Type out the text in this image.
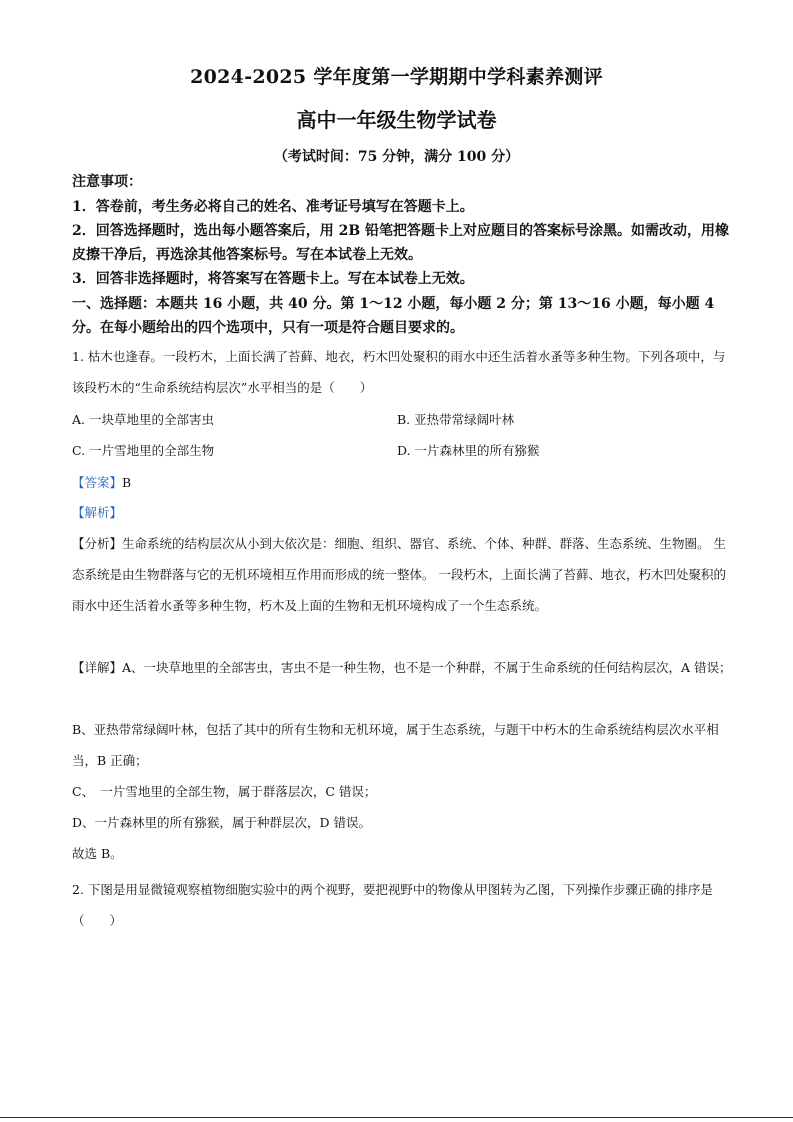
2024-2025 学年度第一学期期中学科素养测评
高中一年级生物学试卷
（考试时间：75 分钟，满分 100 分）
注意事项：
1．答卷前，考生务必将自己的姓名、准考证号填写在答题卡上。
2．回答选择题时，选出每小题答案后，用 2B 铅笔把答题卡上对应题目的答案标号涂黑。如需改动，用橡皮擦干净后，再选涂其他答案标号。写在本试卷上无效。
3．回答非选择题时，将答案写在答题卡上。写在本试卷上无效。
一、选择题：本题共 16 小题，共 40 分。第 1～12 小题，每小题 2 分；第 13～16 小题，每小题 4 分。在每小题给出的四个选项中，只有一项是符合题目要求的。
1. 枯木也逢春。一段朽木，上面长满了苔藓、地衣，朽木凹处聚积的雨水中还生活着水蚤等多种生物。下列各项中，与该段朽木的“生命系统结构层次”水平相当的是（　　）
A. 一块草地里的全部害虫	B. 亚热带常绿阔叶林
C. 一片雪地里的全部生物	D. 一片森林里的所有猕猴
【答案】B
【解析】
【分析】生命系统的结构层次从小到大依次是：细胞、组织、器官、系统、个体、种群、群落、生态系统、生物圈。 生态系统是由生物群落与它的无机环境相互作用而形成的统一整体。 一段朽木，上面长满了苔藓、地衣，朽木凹处聚积的雨水中还生活着水蚤等多种生物，朽木及上面的生物和无机环境构成了一个生态系统。
【详解】A、一块草地里的全部害虫，害虫不是一种生物，也不是一个种群，不属于生命系统的任何结构层次，A 错误；
B、亚热带常绿阔叶林，包括了其中的所有生物和无机环境，属于生态系统，与题干中朽木的生命系统结构层次水平相当，B 正确；
C、　一片雪地里的全部生物，属于群落层次，C 错误；
D、一片森林里的所有猕猴，属于种群层次，D 错误。
故选 B。
2. 下图是用显微镜观察植物细胞实验中的两个视野，要把视野中的物像从甲图转为乙图，下列操作步骤正确的排序是（　　）
